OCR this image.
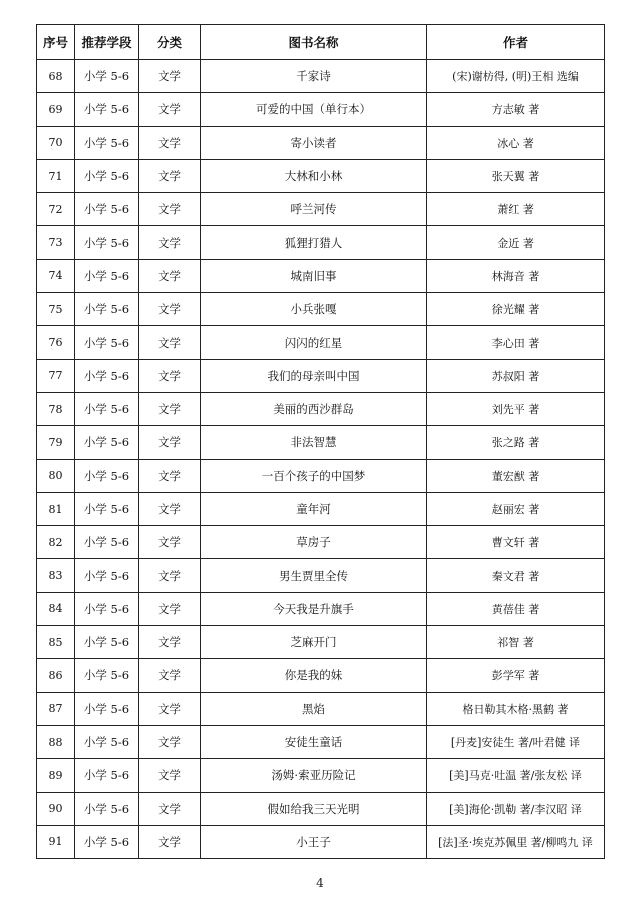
序号	推荐学段	分类	图书名称	作者
68	小学 5-6	文学	千家诗	(宋)谢枋得, (明)王相 选编
69	小学 5-6	文学	可爱的中国（单行本）	方志敏 著
70	小学 5-6	文学	寄小读者	冰心 著
71	小学 5-6	文学	大林和小林	张天翼 著
72	小学 5-6	文学	呼兰河传	萧红 著
73	小学 5-6	文学	狐狸打猎人	金近 著
74	小学 5-6	文学	城南旧事	林海音 著
75	小学 5-6	文学	小兵张嘎	徐光耀 著
76	小学 5-6	文学	闪闪的红星	李心田 著
77	小学 5-6	文学	我们的母亲叫中国	苏叔阳 著
78	小学 5-6	文学	美丽的西沙群岛	刘先平 著
79	小学 5-6	文学	非法智慧	张之路 著
80	小学 5-6	文学	一百个孩子的中国梦	董宏猷 著
81	小学 5-6	文学	童年河	赵丽宏 著
82	小学 5-6	文学	草房子	曹文轩 著
83	小学 5-6	文学	男生贾里全传	秦文君 著
84	小学 5-6	文学	今天我是升旗手	黄蓓佳 著
85	小学 5-6	文学	芝麻开门	祁智 著
86	小学 5-6	文学	你是我的妹	彭学军 著
87	小学 5-6	文学	黑焰	格日勒其木格·黑鹤 著
88	小学 5-6	文学	安徒生童话	[丹麦]安徒生 著/叶君健 译
89	小学 5-6	文学	汤姆·索亚历险记	[美]马克·吐温 著/张友松 译
90	小学 5-6	文学	假如给我三天光明	[美]海伦·凯勒 著/李汉昭 译
91	小学 5-6	文学	小王子	[法]圣·埃克苏佩里 著/柳鸣九 译
4
